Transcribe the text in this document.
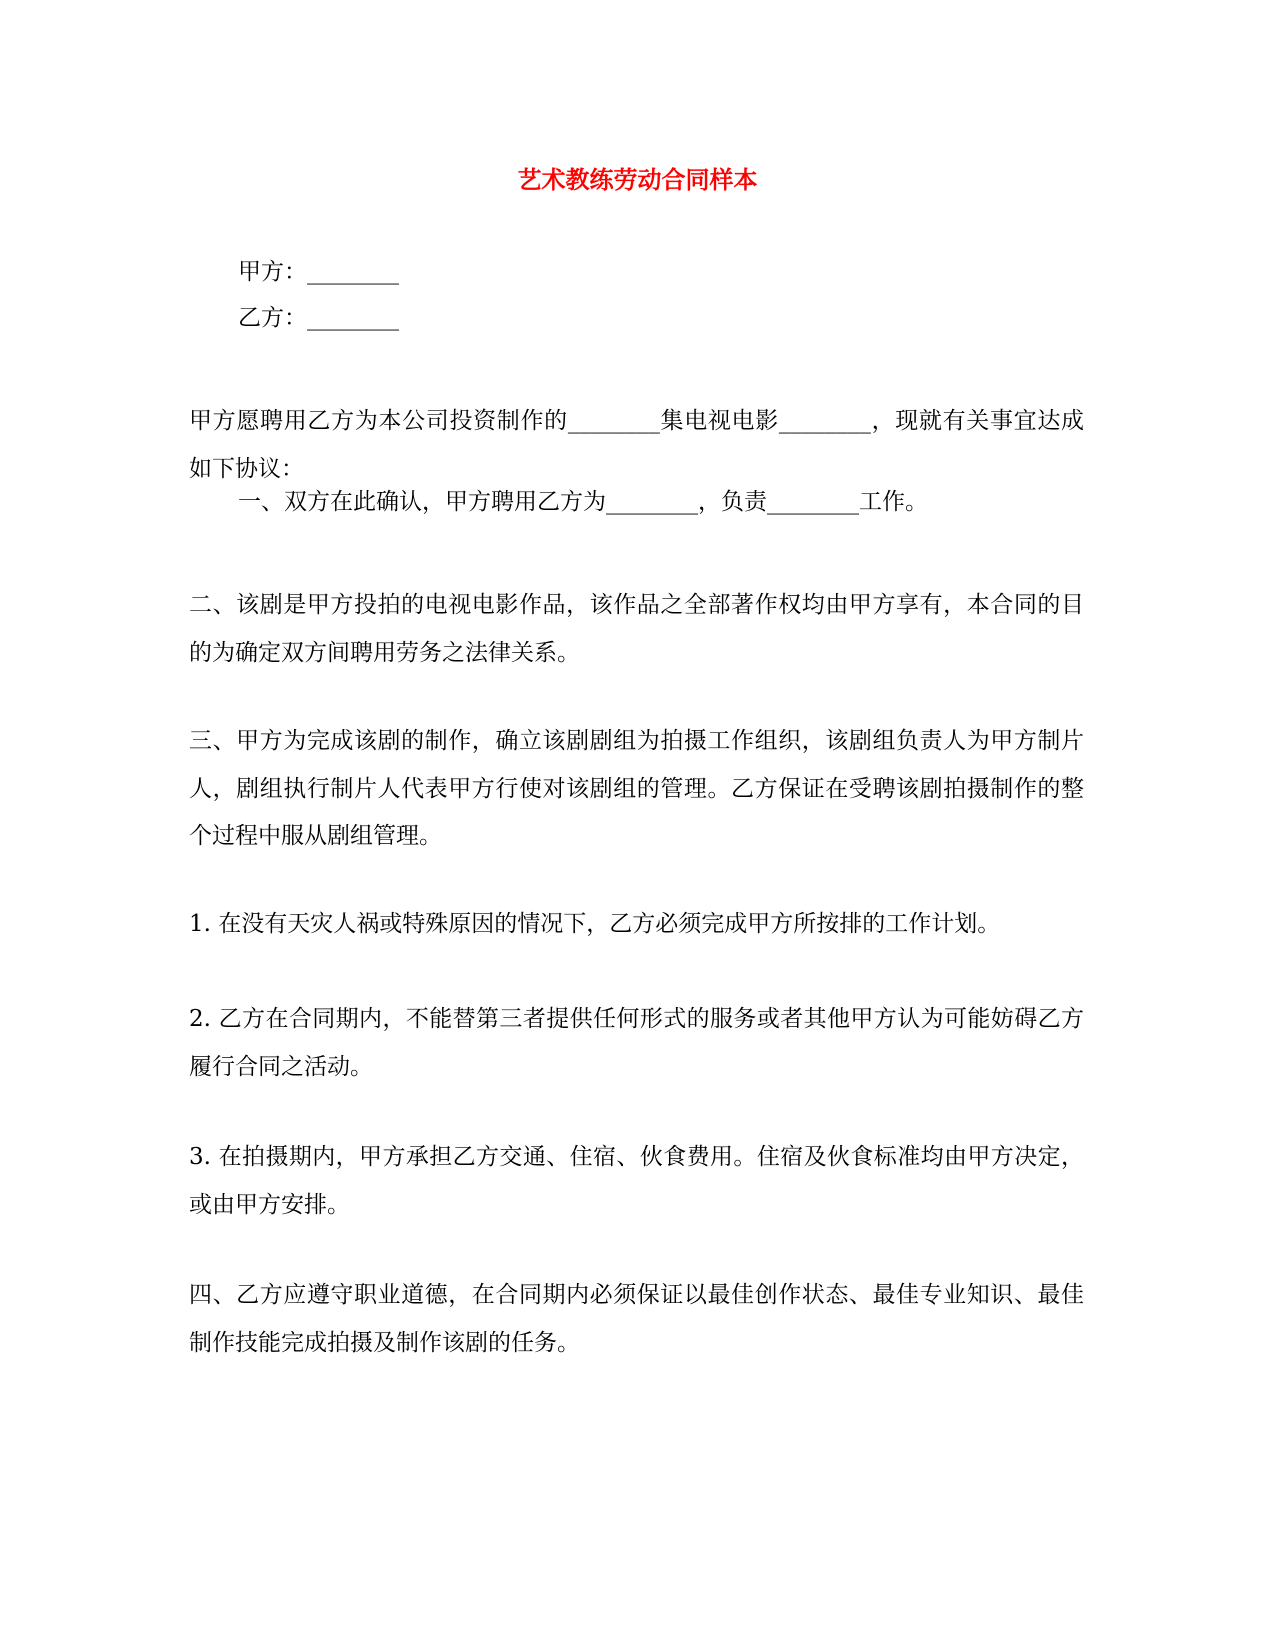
艺术教练劳动合同样本
甲方：________
乙方：________
甲方愿聘用乙方为本公司投资制作的________集电视电影________，现就有关事宜达成如下协议：
一、双方在此确认，甲方聘用乙方为________，负责________工作。
二、该剧是甲方投拍的电视电影作品，该作品之全部著作权均由甲方享有，本合同的目的为确定双方间聘用劳务之法律关系。
三、甲方为完成该剧的制作，确立该剧剧组为拍摄工作组织，该剧组负责人为甲方制片人，剧组执行制片人代表甲方行使对该剧组的管理。乙方保证在受聘该剧拍摄制作的整个过程中服从剧组管理。
1. 在没有天灾人祸或特殊原因的情况下，乙方必须完成甲方所按排的工作计划。
2. 乙方在合同期内，不能替第三者提供任何形式的服务或者其他甲方认为可能妨碍乙方履行合同之活动。
3. 在拍摄期内，甲方承担乙方交通、住宿、伙食费用。住宿及伙食标准均由甲方决定，或由甲方安排。
四、乙方应遵守职业道德，在合同期内必须保证以最佳创作状态、最佳专业知识、最佳制作技能完成拍摄及制作该剧的任务。
